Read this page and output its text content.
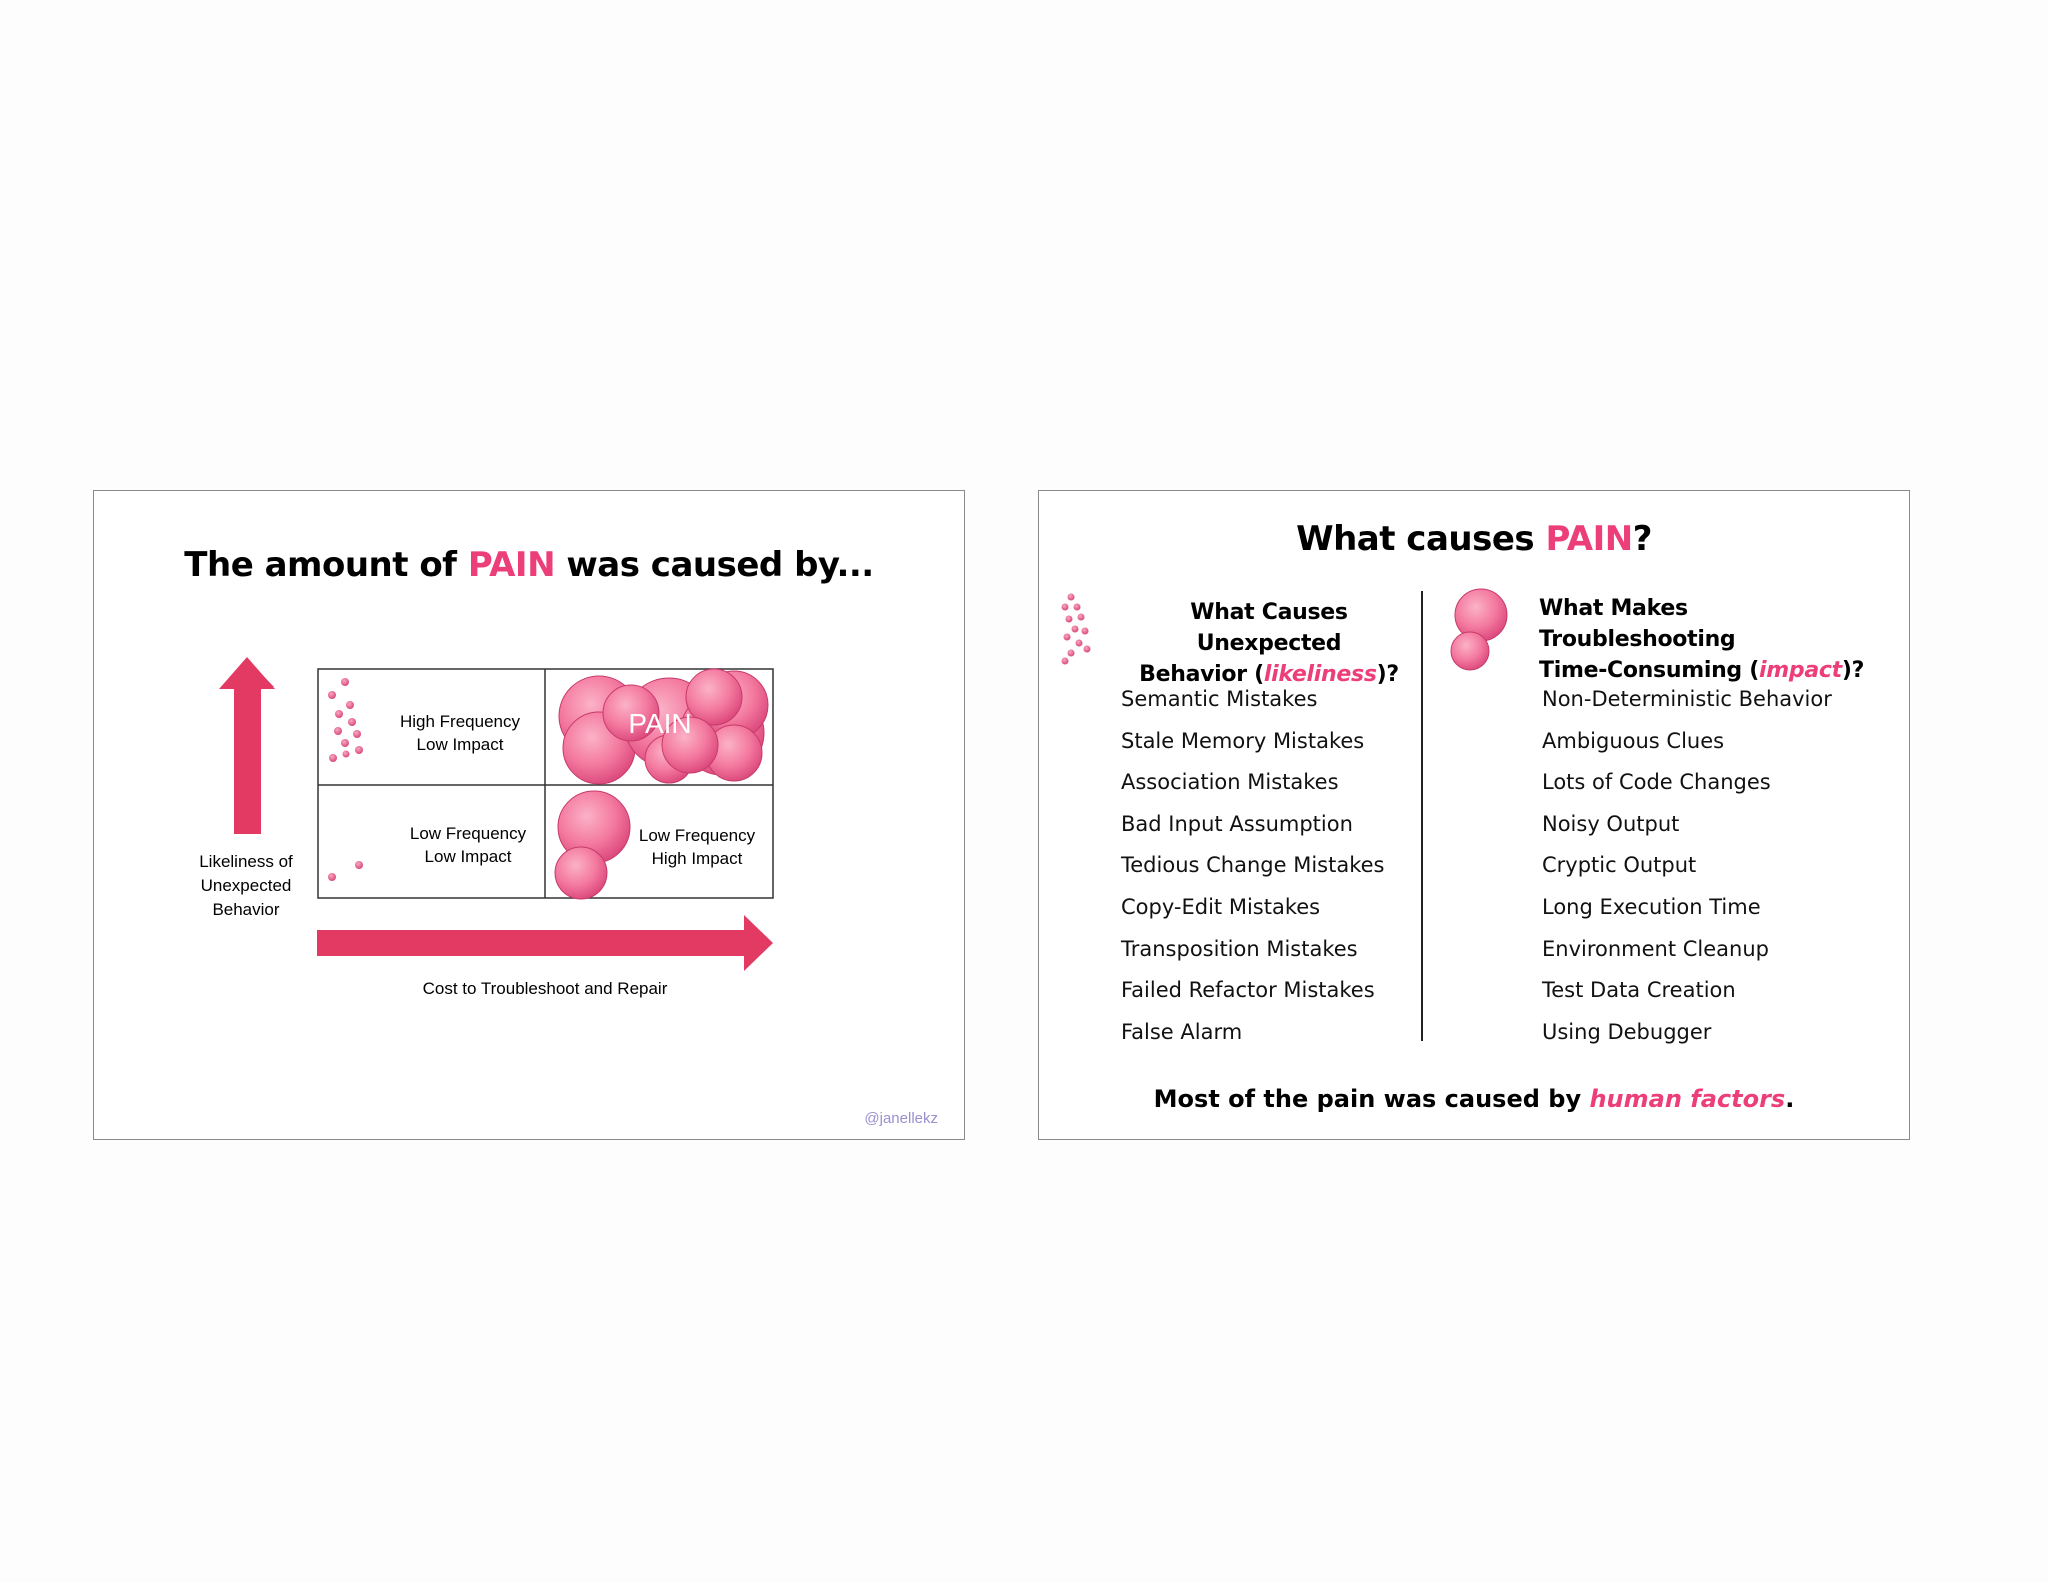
The amount of PAIN was caused by...
PAIN
High Frequency
Low Impact
Low Frequency
Low Impact
Low Frequency
High Impact
Likeliness of
Unexpected
Behavior
Cost to Troubleshoot and Repair
@janellekz
What causes PAIN?
What Causes Unexpected
Behavior (likeliness)?
Semantic Mistakes
Stale Memory Mistakes
Association Mistakes
Bad Input Assumption
Tedious Change Mistakes
Copy-Edit Mistakes
Transposition Mistakes
Failed Refactor Mistakes
False Alarm
What Makes Troubleshooting
Time-Consuming (impact)?
Non-Deterministic Behavior
Ambiguous Clues
Lots of Code Changes
Noisy Output
Cryptic Output
Long Execution Time
Environment Cleanup
Test Data Creation
Using Debugger
Most of the pain was caused by human factors.
